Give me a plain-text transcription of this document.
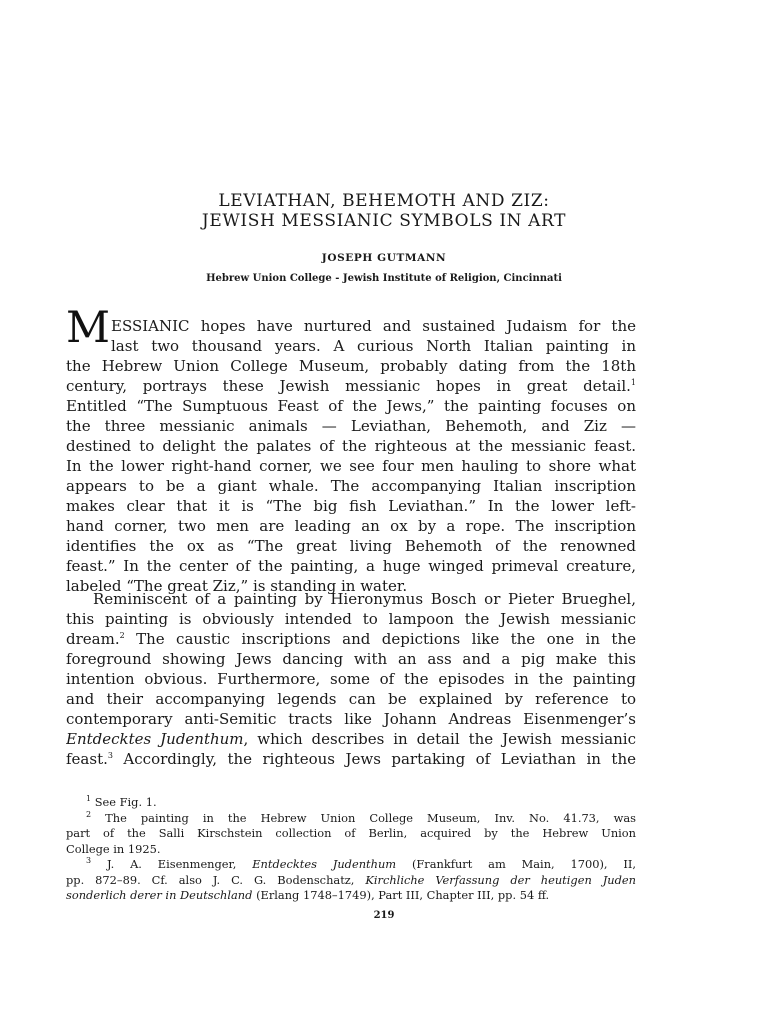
LEVIATHAN, BEHEMOTH AND ZIZ:
JEWISH MESSIANIC SYMBOLS IN ART
JOSEPH GUTMANN
Hebrew Union College - Jewish Institute of Religion, Cincinnati
M ESSIANIC hopes have nurtured and sustained Judaism for the
last two thousand years. A curious North Italian painting in
the Hebrew Union College Museum, probably dating from the 18th
century, portrays these Jewish messianic hopes in great detail.$^1$
Entitled “The Sumptuous Feast of the Jews,” the painting focuses on
the three messianic animals — Leviathan, Behemoth, and Ziz —
destined to delight the palates of the righteous at the messianic feast.
In the lower right-hand corner, we see four men hauling to shore what
appears to be a giant whale. The accompanying Italian inscription
makes clear that it is “The big fish Leviathan.” In the lower left-
hand corner, two men are leading an ox by a rope. The inscription
identifies the ox as “The great living Behemoth of the renowned
feast.” In the center of the painting, a huge winged primeval creature,
labeled “The great Ziz,” is standing in water.
Reminiscent of a painting by Hieronymus Bosch or Pieter Brueghel,
this painting is obviously intended to lampoon the Jewish messianic
dream.$^2$ The caustic inscriptions and depictions like the one in the
foreground showing Jews dancing with an ass and a pig make this
intention obvious. Furthermore, some of the episodes in the painting
and their accompanying legends can be explained by reference to
contemporary anti-Semitic tracts like Johann Andreas Eisenmenger’s
Entdecktes Judenthum, which describes in detail the Jewish messianic
feast.$^3$ Accordingly, the righteous Jews partaking of Leviathan in the
$^1$ See Fig. 1.
$^2$ The painting in the Hebrew Union College Museum, Inv. No. 41.73, was
part of the Salli Kirschstein collection of Berlin, acquired by the Hebrew Union
College in 1925.
$^3$ J. A. Eisenmenger, Entdecktes Judenthum (Frankfurt am Main, 1700), II,
pp. 872–89. Cf. also J. C. G. Bodenschatz, Kirchliche Verfassung der heutigen Juden
sonderlich derer in Deutschland (Erlang 1748–1749), Part III, Chapter III, pp. 54 ff.
219
